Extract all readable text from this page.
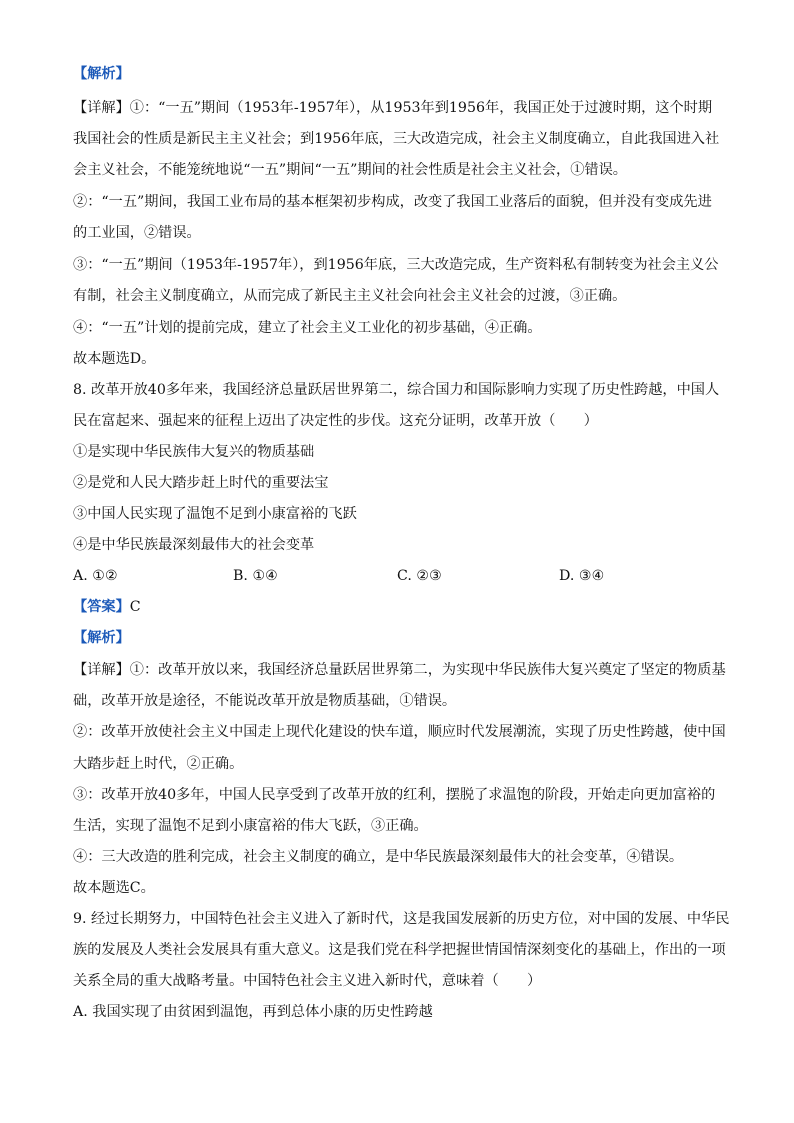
【解析】
【详解】①：“一五”期间（1953年-1957年），从1953年到1956年，我国正处于过渡时期，这个时期
我国社会的性质是新民主主义社会；到1956年底，三大改造完成，社会主义制度确立，自此我国进入社
会主义社会，不能笼统地说“一五”期间“一五”期间的社会性质是社会主义社会，①错误。
②：“一五”期间，我国工业布局的基本框架初步构成，改变了我国工业落后的面貌，但并没有变成先进
的工业国，②错误。
③：“一五”期间（1953年-1957年），到1956年底，三大改造完成，生产资料私有制转变为社会主义公
有制，社会主义制度确立，从而完成了新民主主义社会向社会主义社会的过渡，③正确。
④：“一五”计划的提前完成，建立了社会主义工业化的初步基础，④正确。
故本题选D。
8. 改革开放40多年来，我国经济总量跃居世界第二，综合国力和国际影响力实现了历史性跨越，中国人
民在富起来、强起来的征程上迈出了决定性的步伐。这充分证明，改革开放（　　）
①是实现中华民族伟大复兴的物质基础
②是党和人民大踏步赶上时代的重要法宝
③中国人民实现了温饱不足到小康富裕的飞跃
④是中华民族最深刻最伟大的社会变革
A. ①②	B. ①④	C. ②③	D. ③④
【答案】C
【解析】
【详解】①：改革开放以来，我国经济总量跃居世界第二，为实现中华民族伟大复兴奠定了坚定的物质基
础，改革开放是途径，不能说改革开放是物质基础，①错误。
②：改革开放使社会主义中国走上现代化建设的快车道，顺应时代发展潮流，实现了历史性跨越，使中国
大踏步赶上时代，②正确。
③：改革开放40多年，中国人民享受到了改革开放的红利，摆脱了求温饱的阶段，开始走向更加富裕的
生活，实现了温饱不足到小康富裕的伟大飞跃，③正确。
④：三大改造的胜利完成，社会主义制度的确立，是中华民族最深刻最伟大的社会变革，④错误。
故本题选C。
9. 经过长期努力，中国特色社会主义进入了新时代，这是我国发展新的历史方位，对中国的发展、中华民
族的发展及人类社会发展具有重大意义。这是我们党在科学把握世情国情深刻变化的基础上，作出的一项
关系全局的重大战略考量。中国特色社会主义进入新时代，意味着（　　）
A. 我国实现了由贫困到温饱，再到总体小康的历史性跨越
